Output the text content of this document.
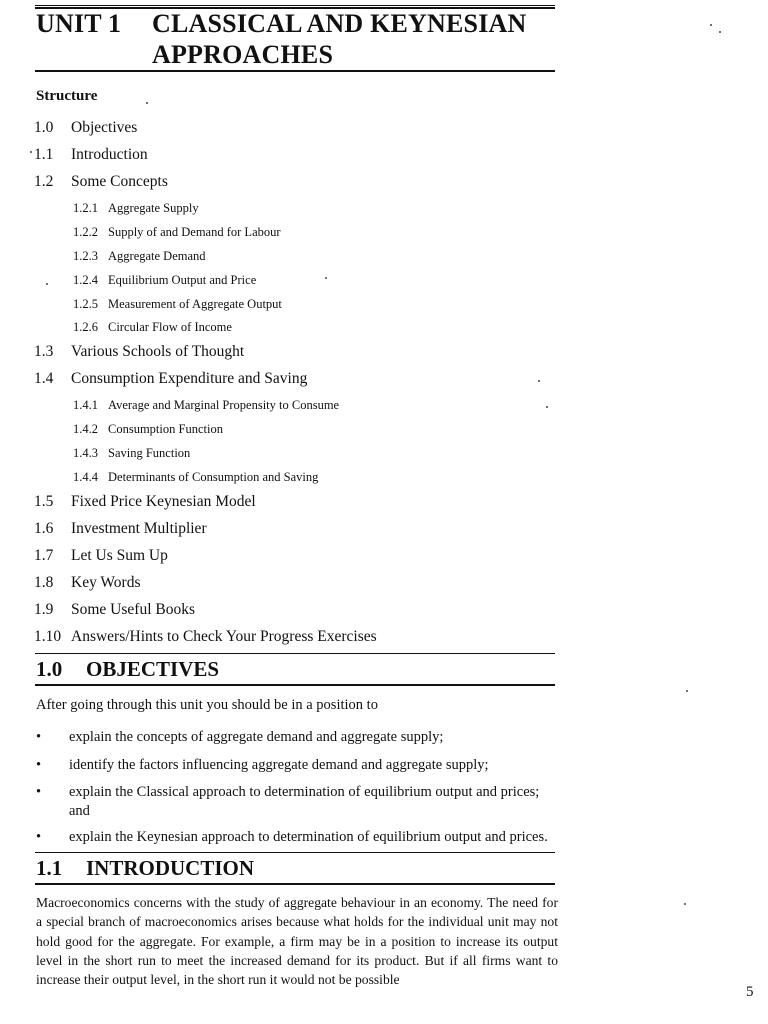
UNIT 1 CLASSICAL AND KEYNESIAN
APPROACHES
Structure
1.0 Objectives
1.1 Introduction
1.2 Some Concepts
1.2.1 Aggregate Supply
1.2.2 Supply of and Demand for Labour
1.2.3 Aggregate Demand
1.2.4 Equilibrium Output and Price
1.2.5 Measurement of Aggregate Output
1.2.6 Circular Flow of Income
1.3 Various Schools of Thought
1.4 Consumption Expenditure and Saving
1.4.1 Average and Marginal Propensity to Consume
1.4.2 Consumption Function
1.4.3 Saving Function
1.4.4 Determinants of Consumption and Saving
1.5 Fixed Price Keynesian Model
1.6 Investment Multiplier
1.7 Let Us Sum Up
1.8 Key Words
1.9 Some Useful Books
1.10 Answers/Hints to Check Your Progress Exercises
1.0 OBJECTIVES
After going through this unit you should be in a position to
• explain the concepts of aggregate demand and aggregate supply;
• identify the factors influencing aggregate demand and aggregate supply;
• explain the Classical approach to determination of equilibrium output and prices; and
• explain the Keynesian approach to determination of equilibrium output and prices.
1.1 INTRODUCTION
Macroeconomics concerns with the study of aggregate behaviour in an economy. The need for a special branch of macroeconomics arises because what holds for the individual unit may not hold good for the aggregate. For example, a firm may be in a position to increase its output level in the short run to meet the increased demand for its product. But if all firms want to increase their output level, in the short run it would not be possible
5
